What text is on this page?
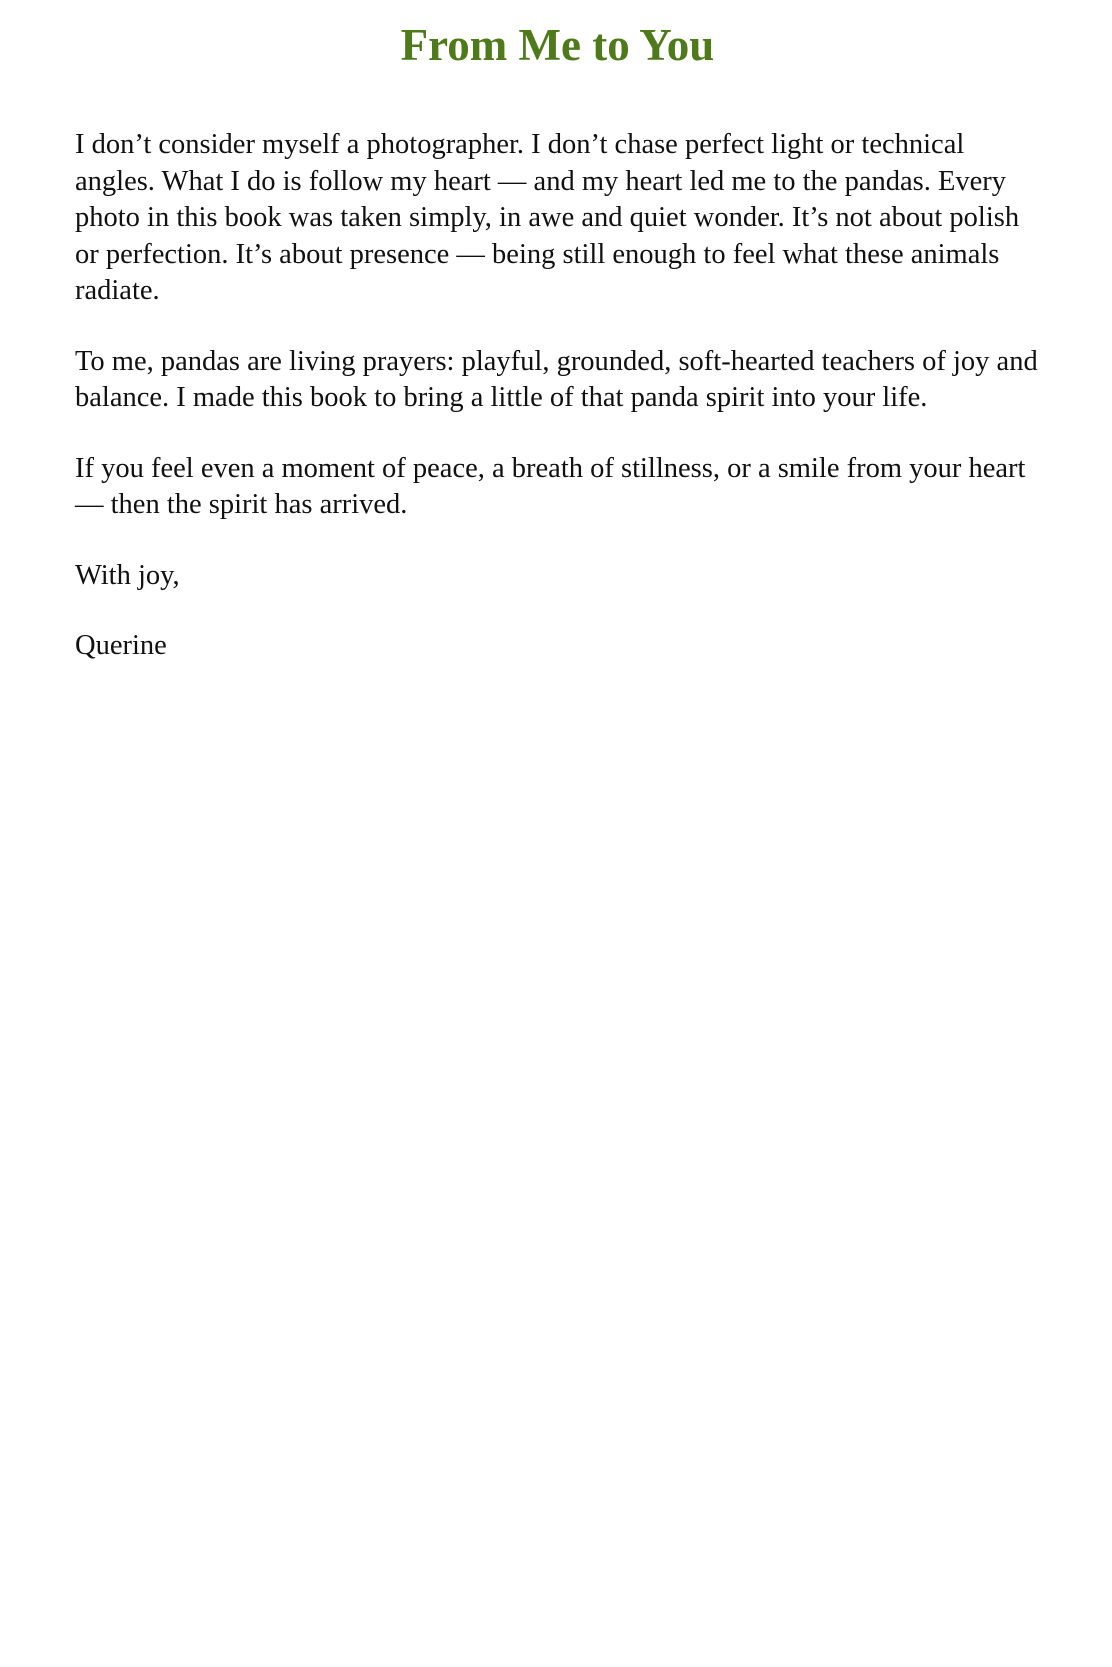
From Me to You

I don’t consider myself a photographer. I don’t chase perfect light or technical angles. What I do is follow my heart — and my heart led me to the pandas. Every photo in this book was taken simply, in awe and quiet wonder. It’s not about polish or perfection. It’s about presence — being still enough to feel what these animals radiate.

To me, pandas are living prayers: playful, grounded, soft-hearted teachers of joy and balance. I made this book to bring a little of that panda spirit into your life.

If you feel even a moment of peace, a breath of stillness, or a smile from your heart — then the spirit has arrived.

With joy,

Querine
